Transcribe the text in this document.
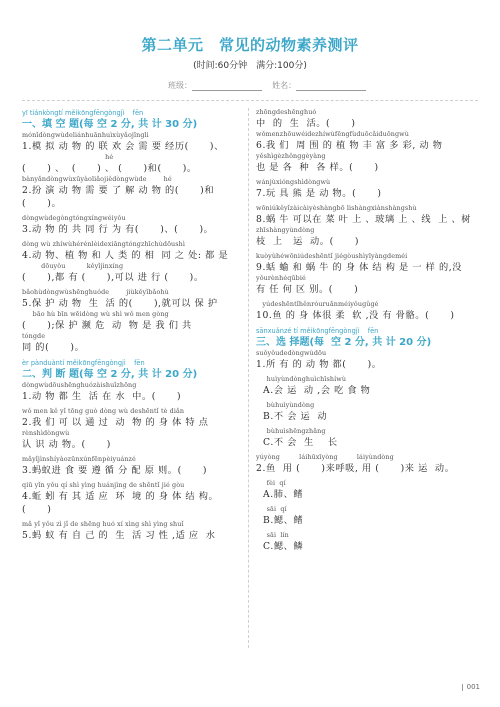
第二单元　常见的动物素养测评
(时间:60分钟　满分:100分)
班级：	姓名：
yī tiánkòngtí měikōngfēngòngjì    fēn
一、填 空 题(每 空 2 分, 共 计 30 分)
mónǐdòngwùdeliánhuānhuìxùyǎojīngli
1.模 拟 动 物 的 联 欢 会 需 要 经历(      )、
hé
(      ) 、  (      ) 、 (      )和(      )。
bànyǎndòngwùxūyàoliǎojiědòngwùde        hé
2.扮 演 动 物 需 要 了 解 动 物 的(      )和
(      )。
dòngwùdegòngtóngxíngwéiyǒu
3.动 物 的 共 同 行 为 有(      )、(      )。
dòng wù zhíwùhérénlèidexiāngtóngzhīchùdōushì
4.动 物、植 物 和 人 类 的 相  同 之 处: 都 是
dōuyǒu          kěyǐjìnxíng
(      ),都 有 (      ),可以 进 行 (      )。
bǎohùdòngwùshēnghuóde        jiùkěyǐbǎohù
5.保 护 动 物  生  活 的(      ),就可以 保 护
bāo hù bīn wēidòng wù shì wǒ men gòng
(      );保 护 濒 危  动  物 是 我 们 共
tóngde
同 的(      )。
èr pànduàntí měikōngfēngòngjì    fēn
二、判 断 题(每 空 2 分, 共 计 20 分)
dòngwùdōushēnghuózàishuǐzhōng
1.动 物 都 生  活 在 水  中。(      )
wǒ men kě yǐ tōng guò dòng wù deshēntǐ tè diǎn
2.我 们 可 以 通 过  动  物 的 身 体 特 点
rènshìdòngwù
认 识 动 物。(      )
mǎyǐjìnshíyàozūnxúnfēnpèiyuánzé
3.蚂蚁进 食 要 遵 循 分 配 原 则。(      )
qiū yǐn yǒu qí shì yìng huánjìng de shēntǐ jié gòu
4.蚯 蚓 有 其 适 应  环  境 的 身 体 结 构。
(      )
mǎ yǐ yǒu zì jǐ de shēng huó xí xìng shì yìng shuǐ
5.蚂 蚁 有 自 己 的  生  活 习 性 ,适 应  水
zhōngdeshēnghuó
中  的  生  活。(      )
wǒmenzhōuwéidezhíwùfēngfùduōcǎiduōngwù
6.我 们  周 围 的 植 物 丰 富 多 彩, 动 物
yěshìgèzhǒnggèyàng
也 是 各  种  各 样。(      )
wánjùxióngshìdòngwù
7.玩 具 熊 是 动 物。(      )
wōniúkěyǐzàicàiyèshàngbō lishàngxiànshàngshù
8.蜗 牛 可以在 菜 叶 上 、玻璃 上 、线  上 、树
zhīshàngyùndòng
枝  上   运  动。(      )
kuòyùhéwōniúdeshēntǐ jiégòushìyīyàngdeméi
9.蛞 蝓 和 蜗 牛 的 身 体 结 构 是 一 样 的,没
yǒurènhéqūbié
有 任 何 区 别。(      )
yúdeshēntǐhěnróuruǎnméiyǒugǔgé
10.鱼 的 身 体很 柔  软 ,没 有 骨骼。(      )
sānxuǎnzé tí měikōngfēngòngjì    fēn
三、选 择题(每  空 2 分, 共 计 20 分)
suǒyǒudedòngwùdōu
1.所 有 的 动 物 都(      )。
huìyùndònghuìchīshíwù
A.会 运  动 ,会 吃 食 物
bùhuìyùndòng
B.不 会 运  动
bùhuìshēngzhǎng
C.不 会  生    长
yúyòng         láihūxīyòng         láiyùndòng
2.鱼  用 (      )来呼吸, 用 (      )来 运  动。
fèi  qí
A.肺、鳍
sāi  qí
B.鳃、鳍
sāi  lín
C.鳃、鳞
001
